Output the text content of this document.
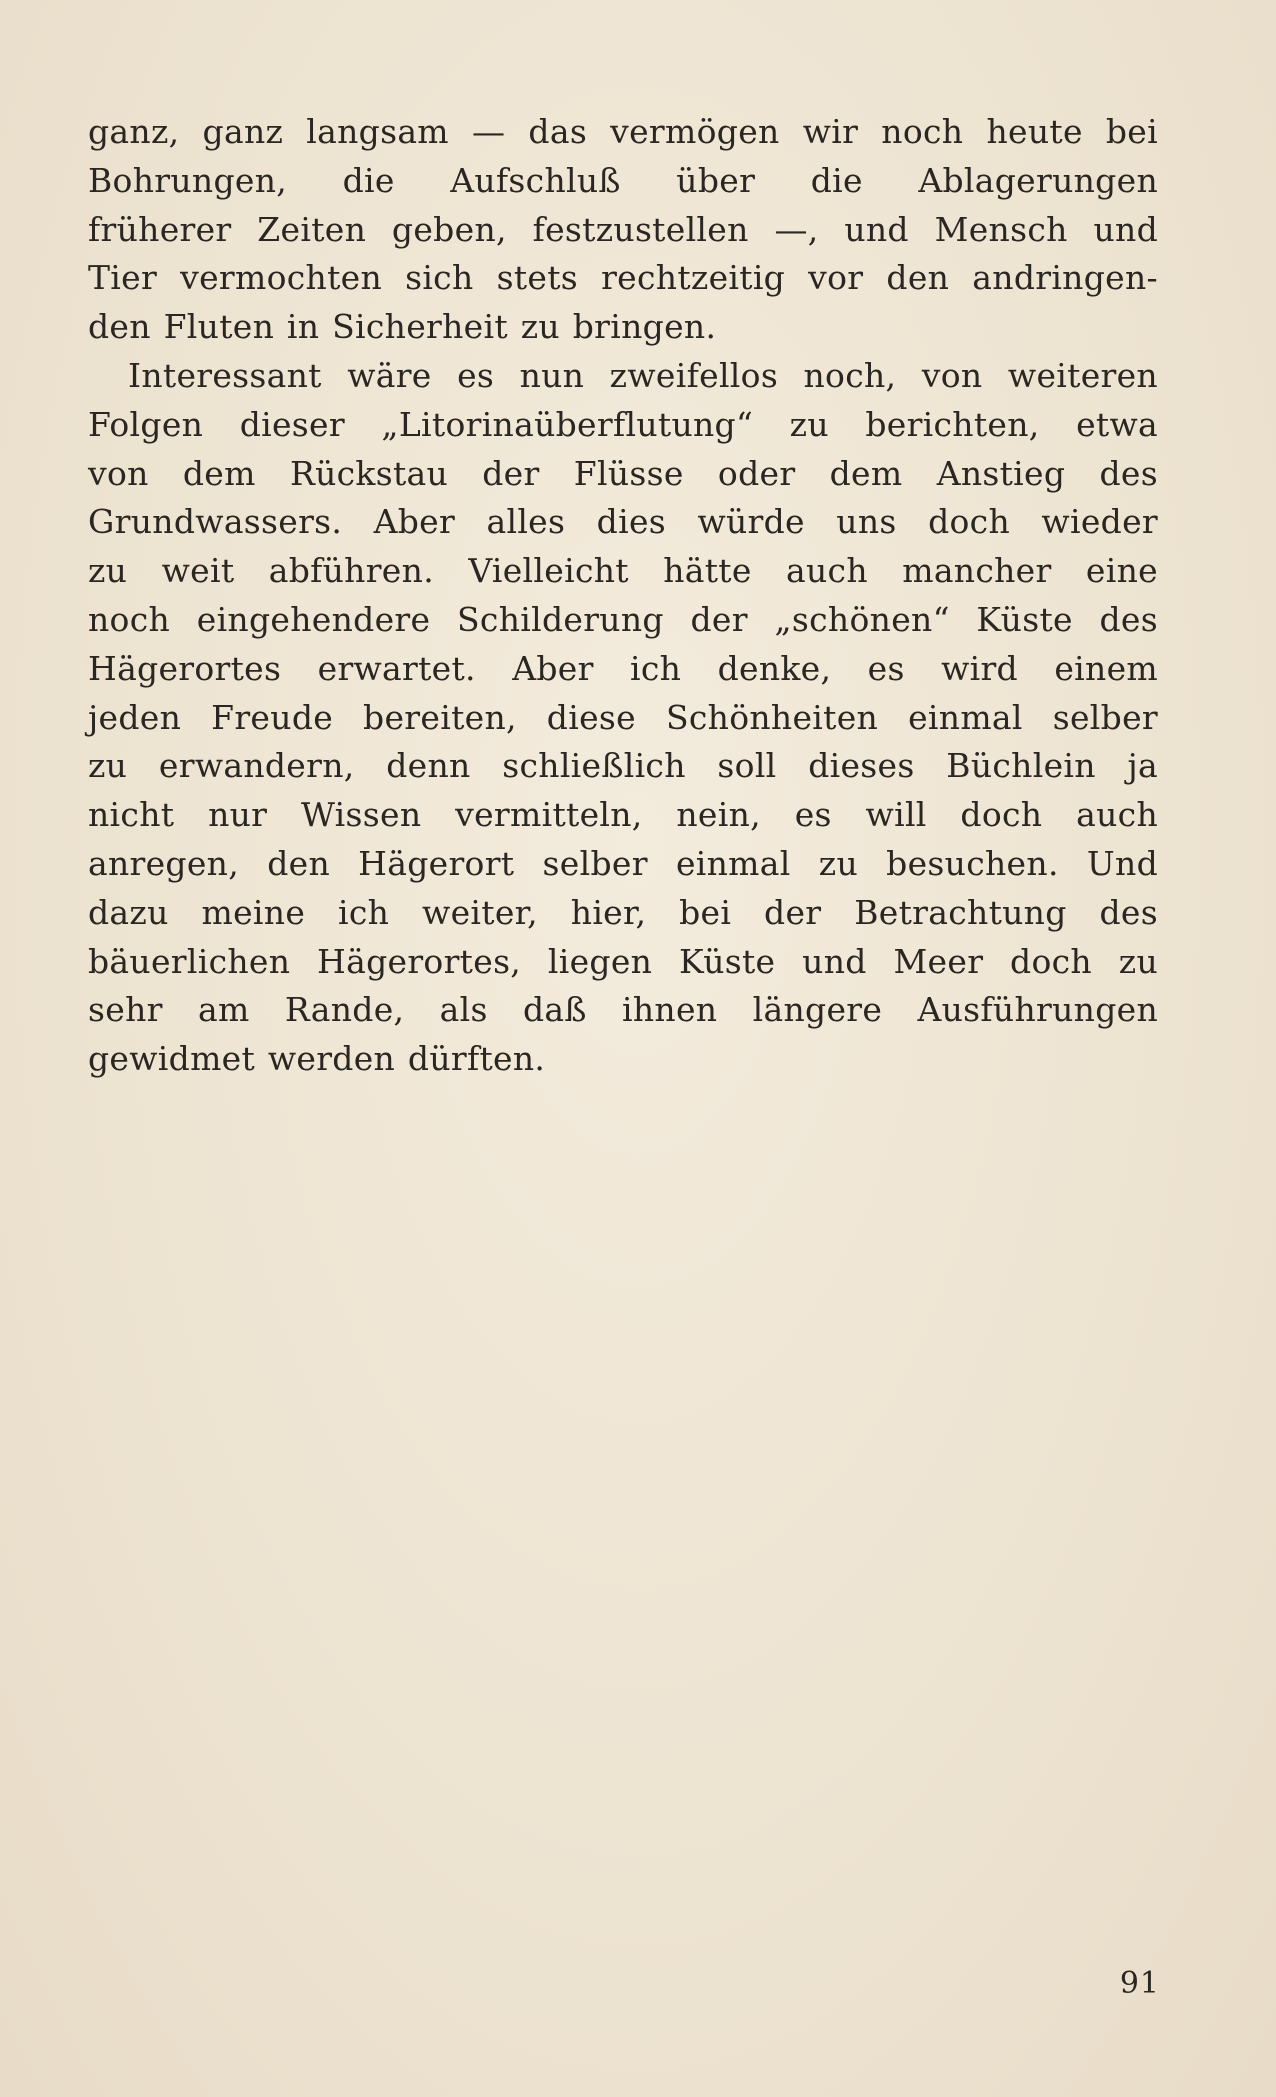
ganz, ganz langsam — das vermögen wir noch heute bei
Bohrungen, die Aufschluß über die Ablagerungen
früherer Zeiten geben, festzustellen —, und Mensch und
Tier vermochten sich stets rechtzeitig vor den andringen-
den Fluten in Sicherheit zu bringen.
Interessant wäre es nun zweifellos noch, von weiteren
Folgen dieser „Litorinaüberflutung“ zu berichten, etwa
von dem Rückstau der Flüsse oder dem Anstieg des
Grundwassers. Aber alles dies würde uns doch wieder
zu weit abführen. Vielleicht hätte auch mancher eine
noch eingehendere Schilderung der „schönen“ Küste des
Hägerortes erwartet. Aber ich denke, es wird einem
jeden Freude bereiten, diese Schönheiten einmal selber
zu erwandern, denn schließlich soll dieses Büchlein ja
nicht nur Wissen vermitteln, nein, es will doch auch
anregen, den Hägerort selber einmal zu besuchen. Und
dazu meine ich weiter, hier, bei der Betrachtung des
bäuerlichen Hägerortes, liegen Küste und Meer doch zu
sehr am Rande, als daß ihnen längere Ausführungen
gewidmet werden dürften.
91
